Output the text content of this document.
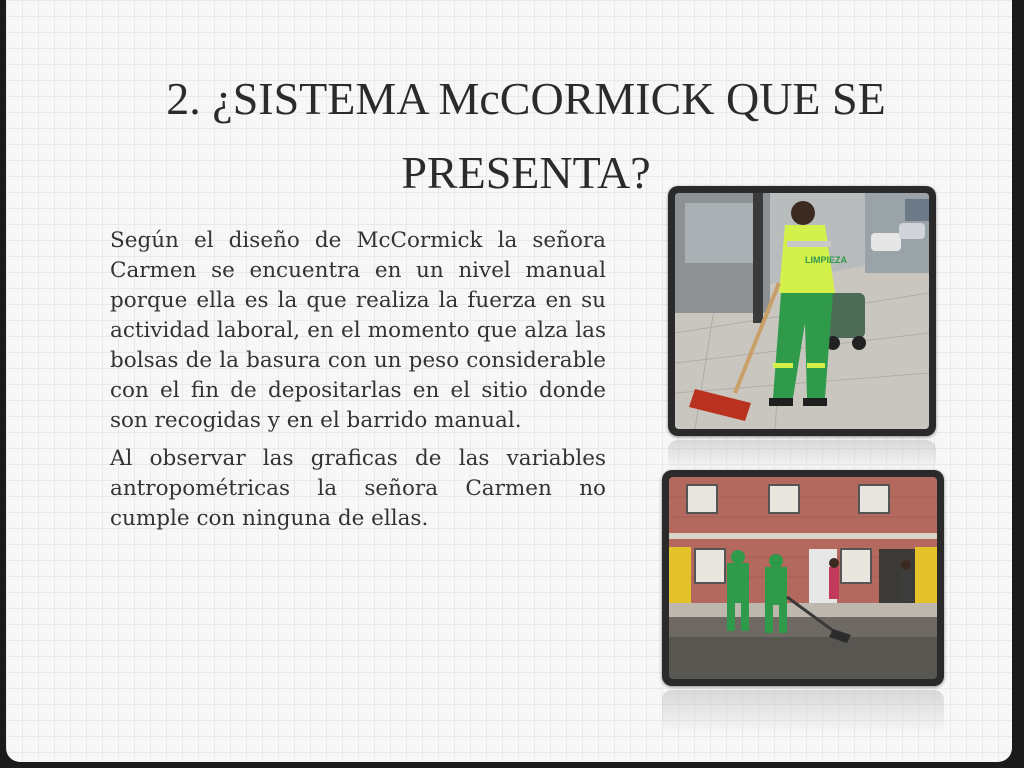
2. ¿SISTEMA McCORMICK QUE SE PRESENTA?

Según el diseño de McCormick la señora Carmen se encuentra en un nivel manual porque ella es la que realiza la fuerza en su actividad laboral, en el momento que alza las bolsas de la basura con un peso considerable con el fin de depositarlas en el sitio donde son recogidas y en el barrido manual.

Al observar las graficas de las variables antropométricas la señora Carmen no cumple con ninguna de ellas.

LIMPIEZA
